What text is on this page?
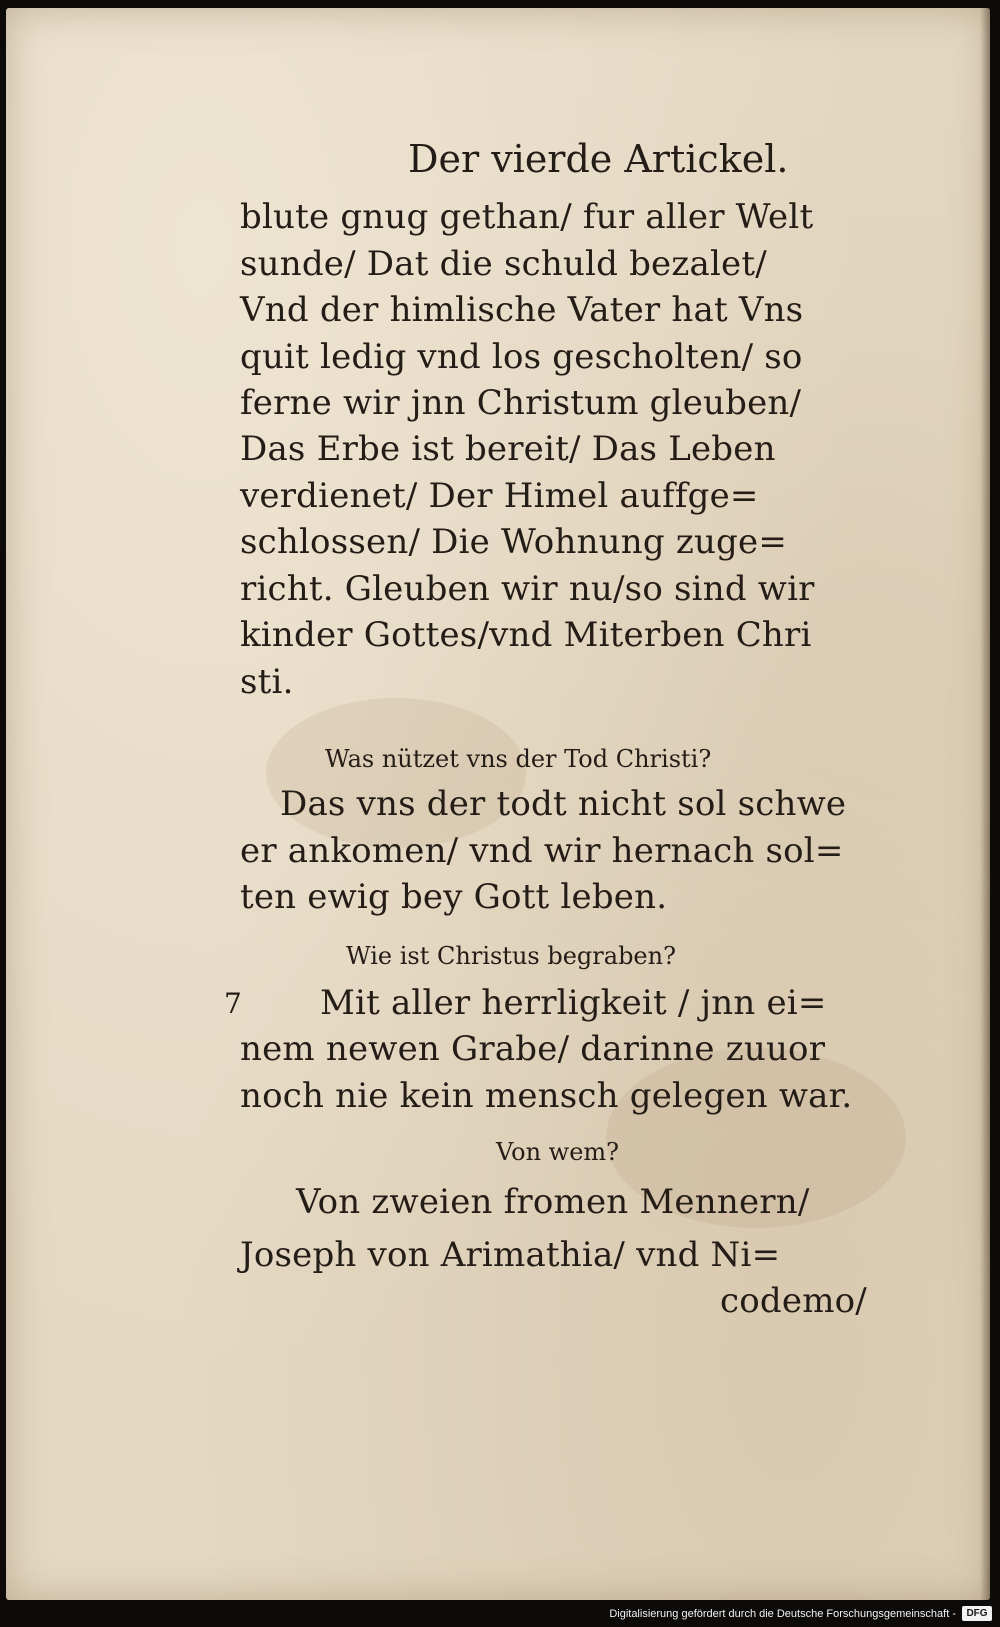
Der vierde Artickel.
blute gnug gethan/ fur aller Welt
sunde/ Dat die schuld bezalet/
Vnd der himlische Vater hat Vns
quit ledig vnd los gescholten/ so
ferne wir jnn Christum gleuben/
Das Erbe ist bereit/ Das Leben
verdienet/ Der Himel auffge=
schlossen/ Die Wohnung zuge=
richt. Gleuben wir nu/so sind wir
kinder Gottes/vnd Miterben Chri
sti.
Was nützet vns der Tod Christi?
Das vns der todt nicht sol schwe
er ankomen/ vnd wir hernach sol=
ten ewig bey Gott leben.
Wie ist Christus begraben?
7 Mit aller herrligkeit / jnn ei=
nem newen Grabe/ darinne zuuor
noch nie kein mensch gelegen war.
Von wem?
Von zweien fromen Mennern/
Joseph von Arimathia/ vnd Ni=
codemo/
Digitalisierung gefördert durch die Deutsche Forschungsgemeinschaft -	DFG
